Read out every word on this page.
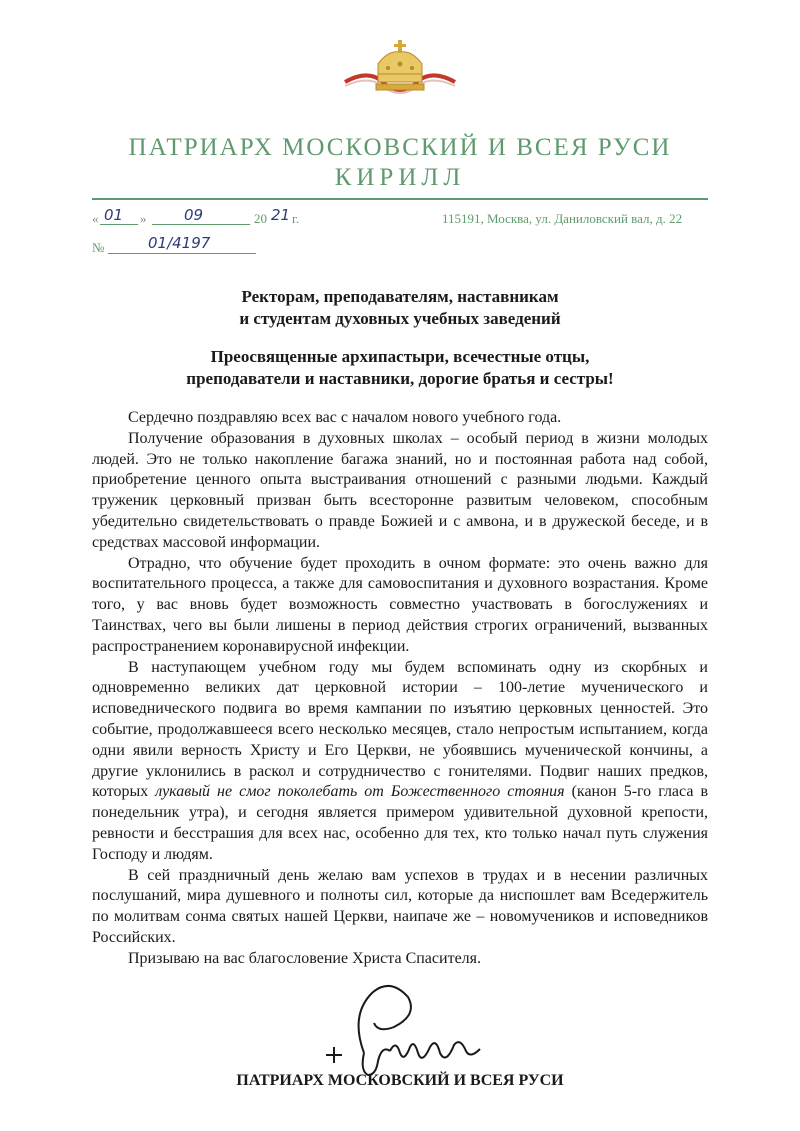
ПАТРИАРХ МОСКОВСКИЙ И ВСЕЯ РУСИ
КИРИЛЛ
« 01 »	09	20 21 г.	115191, Москва, ул. Даниловский вал, д. 22
№	01/4197
Ректорам, преподавателям, наставникам
и студентам духовных учебных заведений
Преосвященные архипастыри, всечестные отцы,
преподаватели и наставники, дорогие братья и сестры!

Сердечно поздравляю всех вас с началом нового учебного года.

Получение образования в духовных школах – особый период в жизни молодых людей. Это не только накопление багажа знаний, но и постоянная работа над собой, приобретение ценного опыта выстраивания отношений с разными людьми. Каждый труженик церковный призван быть всесторонне развитым человеком, способным убедительно свидетельствовать о правде Божией и с амвона, и в дружеской беседе, и в средствах массовой информации.

Отрадно, что обучение будет проходить в очном формате: это очень важно для воспитательного процесса, а также для самовоспитания и духовного возрастания. Кроме того, у вас вновь будет возможность совместно участвовать в богослужениях и Таинствах, чего вы были лишены в период действия строгих ограничений, вызванных распространением коронавирусной инфекции.

В наступающем учебном году мы будем вспоминать одну из скорбных и одновременно великих дат церковной истории – 100-летие мученического и исповеднического подвига во время кампании по изъятию церковных ценностей. Это событие, продолжавшееся всего несколько месяцев, стало непростым испытанием, когда одни явили верность Христу и Его Церкви, не убоявшись мученической кончины, а другие уклонились в раскол и сотрудничество с гонителями. Подвиг наших предков, которых лукавый не смог поколебать от Божественного стояния (канон 5-го гласа в понедельник утра), и сегодня является примером удивительной духовной крепости, ревности и бесстрашия для всех нас, особенно для тех, кто только начал путь служения Господу и людям.

В сей праздничный день желаю вам успехов в трудах и в несении различных послушаний, мира душевного и полноты сил, которые да ниспошлет вам Вседержитель по молитвам сонма святых нашей Церкви, наипаче же – новомучеников и исповедников Российских.

Призываю на вас благословение Христа Спасителя.

ПАТРИАРХ МОСКОВСКИЙ И ВСЕЯ РУСИ
